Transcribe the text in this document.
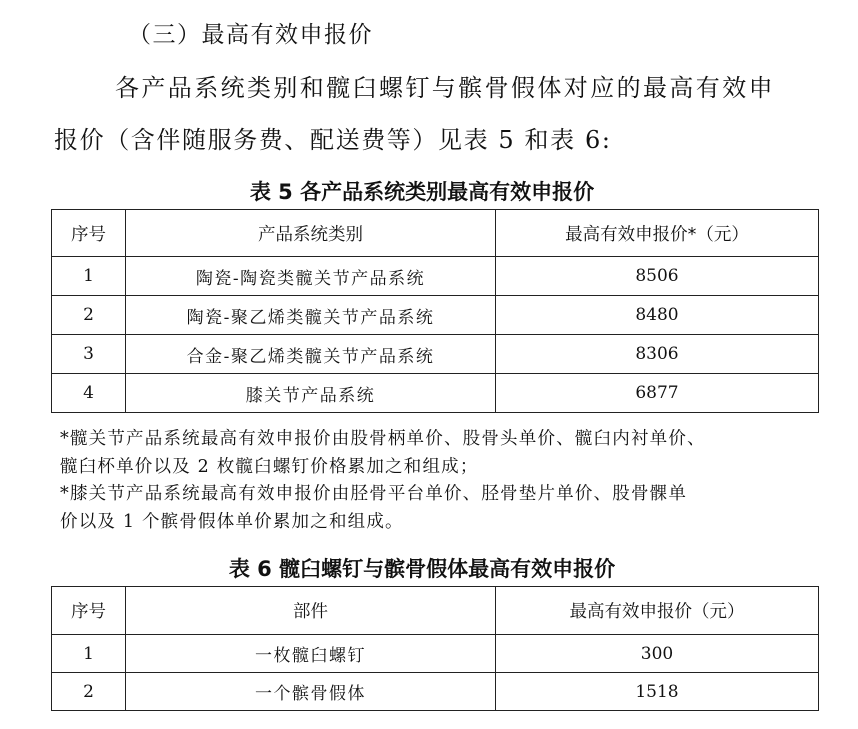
（三）最高有效申报价
各产品系统类别和髋臼螺钉与髌骨假体对应的最高有效申
报价（含伴随服务费、配送费等）见表 5 和表 6:
表 5 各产品系统类别最高有效申报价
序号	产品系统类别	最高有效申报价*（元）
1	陶瓷-陶瓷类髋关节产品系统	8506
2	陶瓷-聚乙烯类髋关节产品系统	8480
3	合金-聚乙烯类髋关节产品系统	8306
4	膝关节产品系统	6877
*髋关节产品系统最高有效申报价由股骨柄单价、股骨头单价、髋臼内衬单价、
髋臼杯单价以及 2 枚髋臼螺钉价格累加之和组成；
*膝关节产品系统最高有效申报价由胫骨平台单价、胫骨垫片单价、股骨髁单
价以及 1 个髌骨假体单价累加之和组成。
表 6 髋臼螺钉与髌骨假体最高有效申报价
序号	部件	最高有效申报价（元）
1	一枚髋臼螺钉	300
2	一个髌骨假体	1518
